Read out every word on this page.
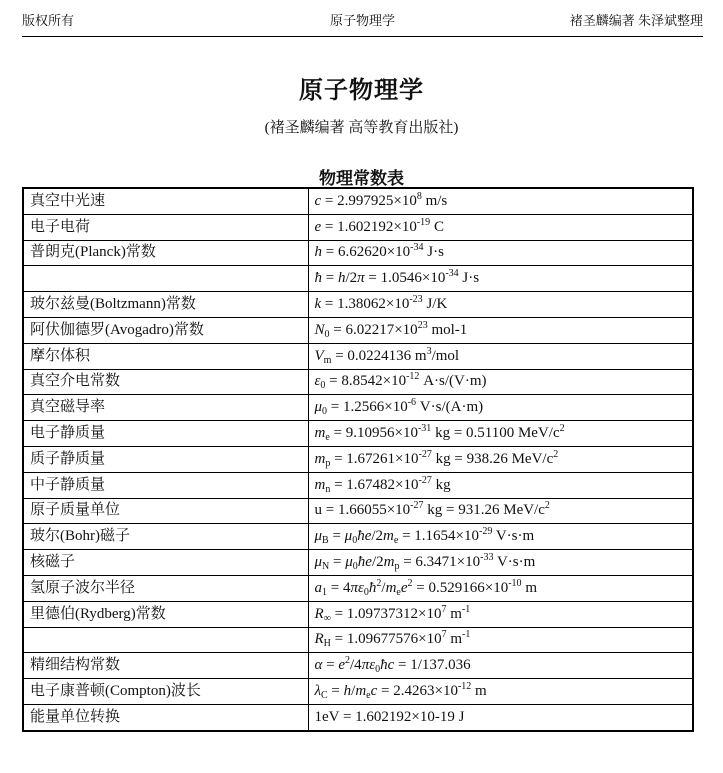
版权所有	原子物理学	褚圣麟编著 朱泽斌整理
原子物理学
(褚圣麟编著 高等教育出版社)
物理常数表
真空中光速	$c = 2.997925\times 10^8$ m/s
电子电荷	$e = 1.602192\times 10^{-19}$ C
普朗克(Planck)常数	$h = 6.62620\times 10^{-34}$ J·s
	ħ = $h/2\pi = 1.0546\times 10^{-34}$ J·s
玻尔兹曼(Boltzmann)常数	$k = 1.38062\times 10^{-23}$ J/K
阿伏伽德罗(Avogadro)常数	$N_0 = 6.02217\times 10^{23}$ mol-1
摩尔体积	$V_m = 0.0224136$ $m^3$/mol
真空介电常数	$\varepsilon_0 = 8.8542\times 10^{-12}$ A·s/(V·m)
真空磁导率	$\mu_0 = 1.2566\times 10^{-6}$ V·s/(A·m)
电子静质量	$m_e = 9.10956\times 10^{-31}$ kg = 0.51100 MeV/$c^2$
质子静质量	$m_p = 1.67261\times 10^{-27}$ kg = 938.26 MeV/$c^2$
中子静质量	$m_n = 1.67482\times 10^{-27}$ kg
原子质量单位	$u = 1.66055\times 10^{-27}$ kg = 931.26 MeV/$c^2$
玻尔(Bohr)磁子	$\mu_B$ = $\mu_0ħe/2m_e = 1.1654\times 10^{-29}$ V·s·m
核磁子	$\mu_N$ = $\mu_0ħe/2m_p = 6.3471\times 10^{-33}$ V·s·m
氢原子波尔半径	$a_1$ = $4\pi\varepsilon_0ħ^2/m_ee^2 = 0.529166\times 10^{-10}$ m
里德伯(Rydberg)常数	$R_\infty = 1.09737312\times 10^7$ $m^{-1}$
	$R_H = 1.09677576\times 10^7$ $m^{-1}$
精细结构常数	$\alpha = e^2/4\pi\varepsilon_0ħc = 1/137.036$
电子康普顿(Compton)波长	$\lambda_C = h/m_ec = 2.4263\times 10^{-12}$ m
能量单位转换	1eV = 1.602192×10-19 J
